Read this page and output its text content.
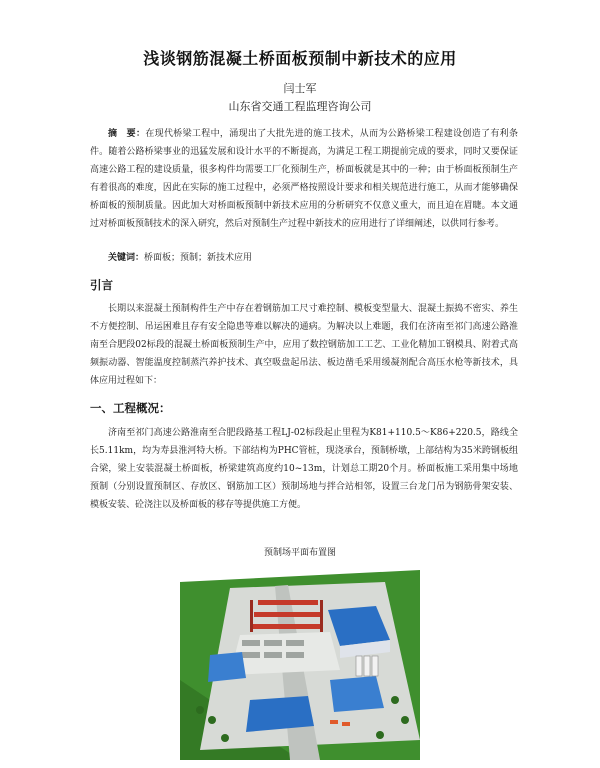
浅谈钢筋混凝土桥面板预制中新技术的应用
闫士军
山东省交通工程监理咨询公司
摘　要：在现代桥梁工程中，涌现出了大批先进的施工技术，从而为公路桥梁工程建设创造了有利条件。随着公路桥梁事业的迅猛发展和设计水平的不断提高，为满足工程工期提前完成的要求，同时又要保证高速公路工程的建设质量，很多构件均需要工厂化预制生产，桥面板就是其中的一种；由于桥面板预制生产有着很高的难度，因此在实际的施工过程中，必须严格按照设计要求和相关规范进行施工，从而才能够确保桥面板的预制质量。因此加大对桥面板预制中新技术应用的分析研究不仅意义重大，而且迫在眉睫。本文通过对桥面板预制技术的深入研究，然后对预制生产过程中新技术的应用进行了详细阐述，以供同行参考。
关键词：桥面板；预制；新技术应用
引言
长期以来混凝土预制构件生产中存在着钢筋加工尺寸难控制、模板变型量大、混凝土振捣不密实、养生不方便控制、吊运困难且存有安全隐患等难以解决的通病。为解决以上难题，我们在济南至祁门高速公路淮南至合肥段02标段的混凝土桥面板预制生产中，应用了数控钢筋加工工艺、工业化精加工钢模具、附着式高频振动器、智能温度控制蒸汽养护技术、真空吸盘起吊法、板边凿毛采用缓凝剂配合高压水枪等新技术，具体应用过程如下：
一、工程概况：
济南至祁门高速公路淮南至合肥段路基工程LJ-02标段起止里程为K81+110.5～K86+220.5，路线全长5.11km，均为寿县淮河特大桥。下部结构为PHC管桩，现浇承台，预制桥墩，上部结构为35米跨钢板组合梁，梁上安装混凝土桥面板，桥梁建筑高度约10~13m，计划总工期20个月。桥面板施工采用集中场地预制（分别设置预制区、存放区、钢筋加工区）预制场地与拌合站相邻，设置三台龙门吊为钢筋骨架安装、模板安装、砼浇注以及桥面板的移存等提供施工方便。
预制场平面布置图
